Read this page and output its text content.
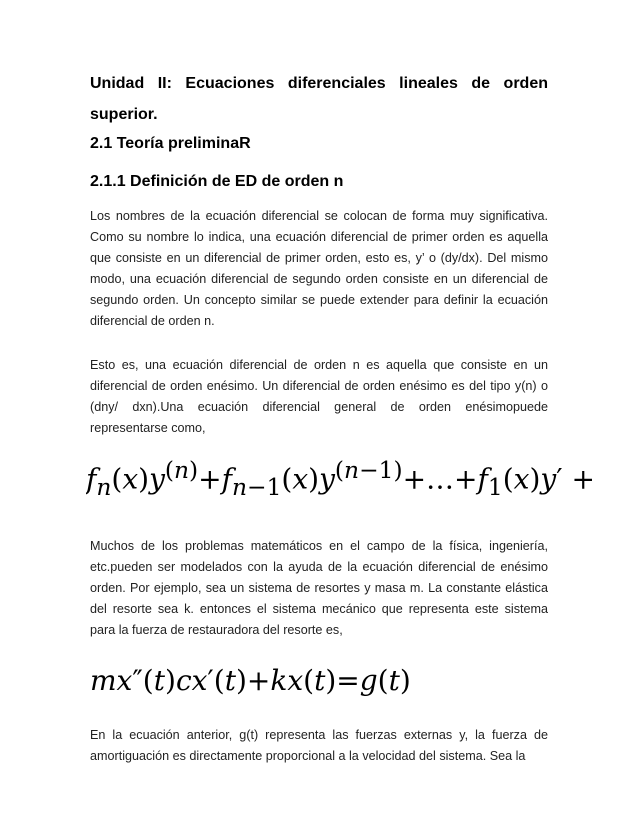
Unidad II: Ecuaciones diferenciales lineales de orden
superior.
2.1 Teoría preliminaR
2.1.1 Definición de ED de orden n

Los nombres de la ecuación diferencial se colocan de forma muy significativa. Como su nombre lo indica, una ecuación diferencial de primer orden es aquella que consiste en un diferencial de primer orden, esto es, y’ o (dy/dx). Del mismo modo, una ecuación diferencial de segundo orden consiste en un diferencial de segundo orden. Un concepto similar se puede extender para definir la ecuación diferencial de orden n.

Esto es, una ecuación diferencial de orden n es aquella que consiste en un diferencial de orden enésimo. Un diferencial de orden enésimo es del tipo y(n) o (dny/ dxn).Una ecuación diferencial general de orden enésimopuede representarse como,

$f_n(x)y^{(n)}+f_{n-1}(x)y^{(n-1)}+\dots+f_1(x)y'$ +

Muchos de los problemas matemáticos en el campo de la física, ingeniería, etc.pueden ser modelados con la ayuda de la ecuación diferencial de enésimo orden. Por ejemplo, sea un sistema de resortes y masa m. La constante elástica del resorte sea k. entonces el sistema mecánico que representa este sistema para la fuerza de restauradora del resorte es,

mx″(t)cx′(t)+kx(t)=g(t)

En la ecuación anterior, g(t) representa las fuerzas externas y, la fuerza de amortiguación es directamente proporcional a la velocidad del sistema. Sea la
